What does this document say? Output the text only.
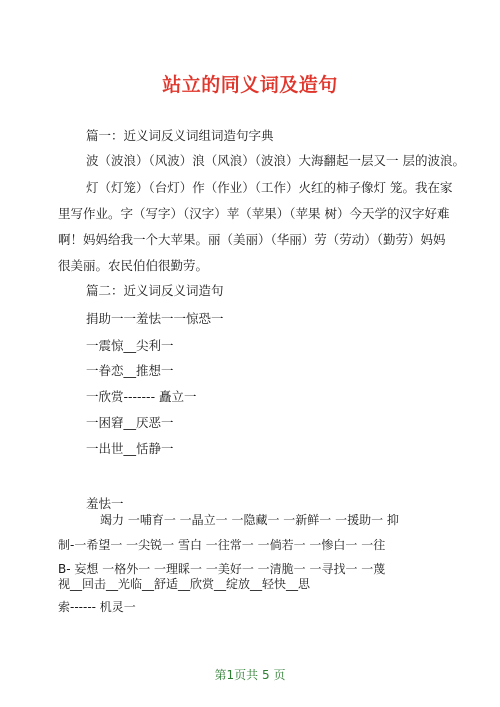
站立的同义词及造句
篇一：近义词反义词组词造句字典
波（波浪）（风波）浪（风浪）（波浪）大海翻起一层又一 层的波浪。
灯（灯笼）（台灯）作（作业）（工作）火红的柿子像灯 笼。我在家
里写作业。字（写字）（汉字）苹（苹果）（苹果 树）今天学的汉字好难
啊！妈妈给我一个大苹果。丽（美丽）（华丽）劳（劳动）（勤劳）妈妈
很美丽。农民伯伯很勤劳。
篇二：近义词反义词造句
捐助一一羞怯一一惊恐一
一震惊__尖利一
一眷恋__推想一
一欣赏------- 矗立一
一困窘__厌恶一
一出世__恬静一
羞怯一
竭力 一哺育一 一晶立一 一隐藏一 一新鲜一 一援助一 抑
制-一希望一 一尖锐一 雪白 一往常一 一倘若一 一惨白一 一往
B- 妄想 一格外一 一理睬一 一美好一 一清脆一 一寻找一 一蔑
视__回击__光临__舒适__欣赏__绽放__轻快__思
索------ 机灵一
第1页共 5 页
